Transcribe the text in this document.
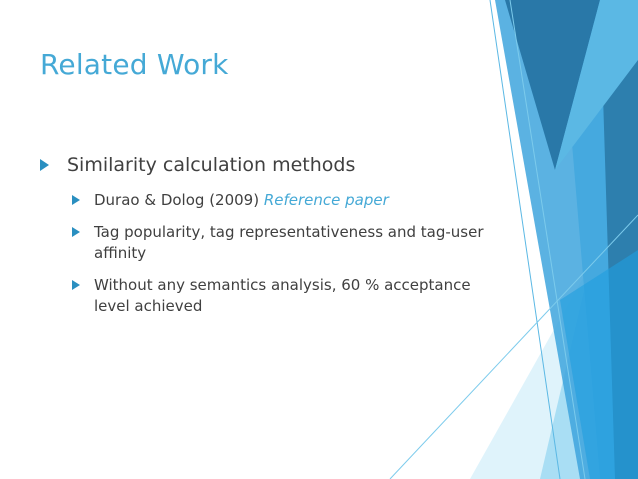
Related Work
Similarity calculation methods
Durao & Dolog (2009) Reference paper
Tag popularity, tag representativeness and tag-user affinity
Without any semantics analysis, 60 % acceptance level achieved
